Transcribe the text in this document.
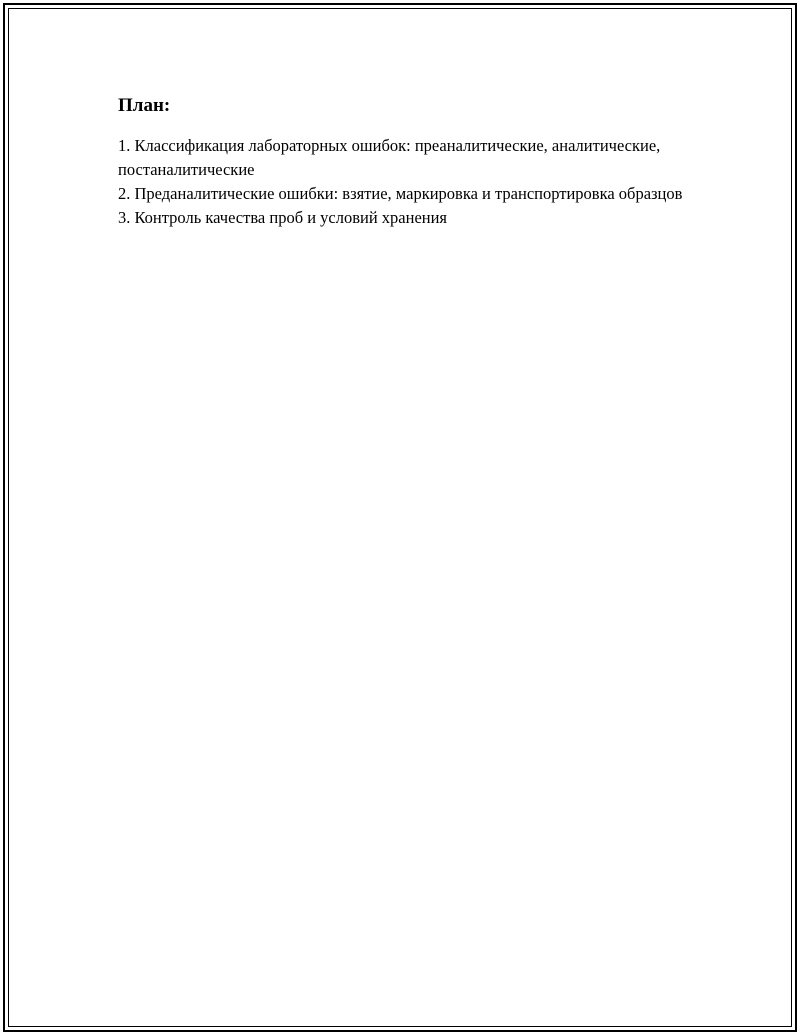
План:
1. Классификация лабораторных ошибок: преаналитические, аналитические, постаналитические
2. Преданалитические ошибки: взятие, маркировка и транспортировка образцов
3. Контроль качества проб и условий хранения
